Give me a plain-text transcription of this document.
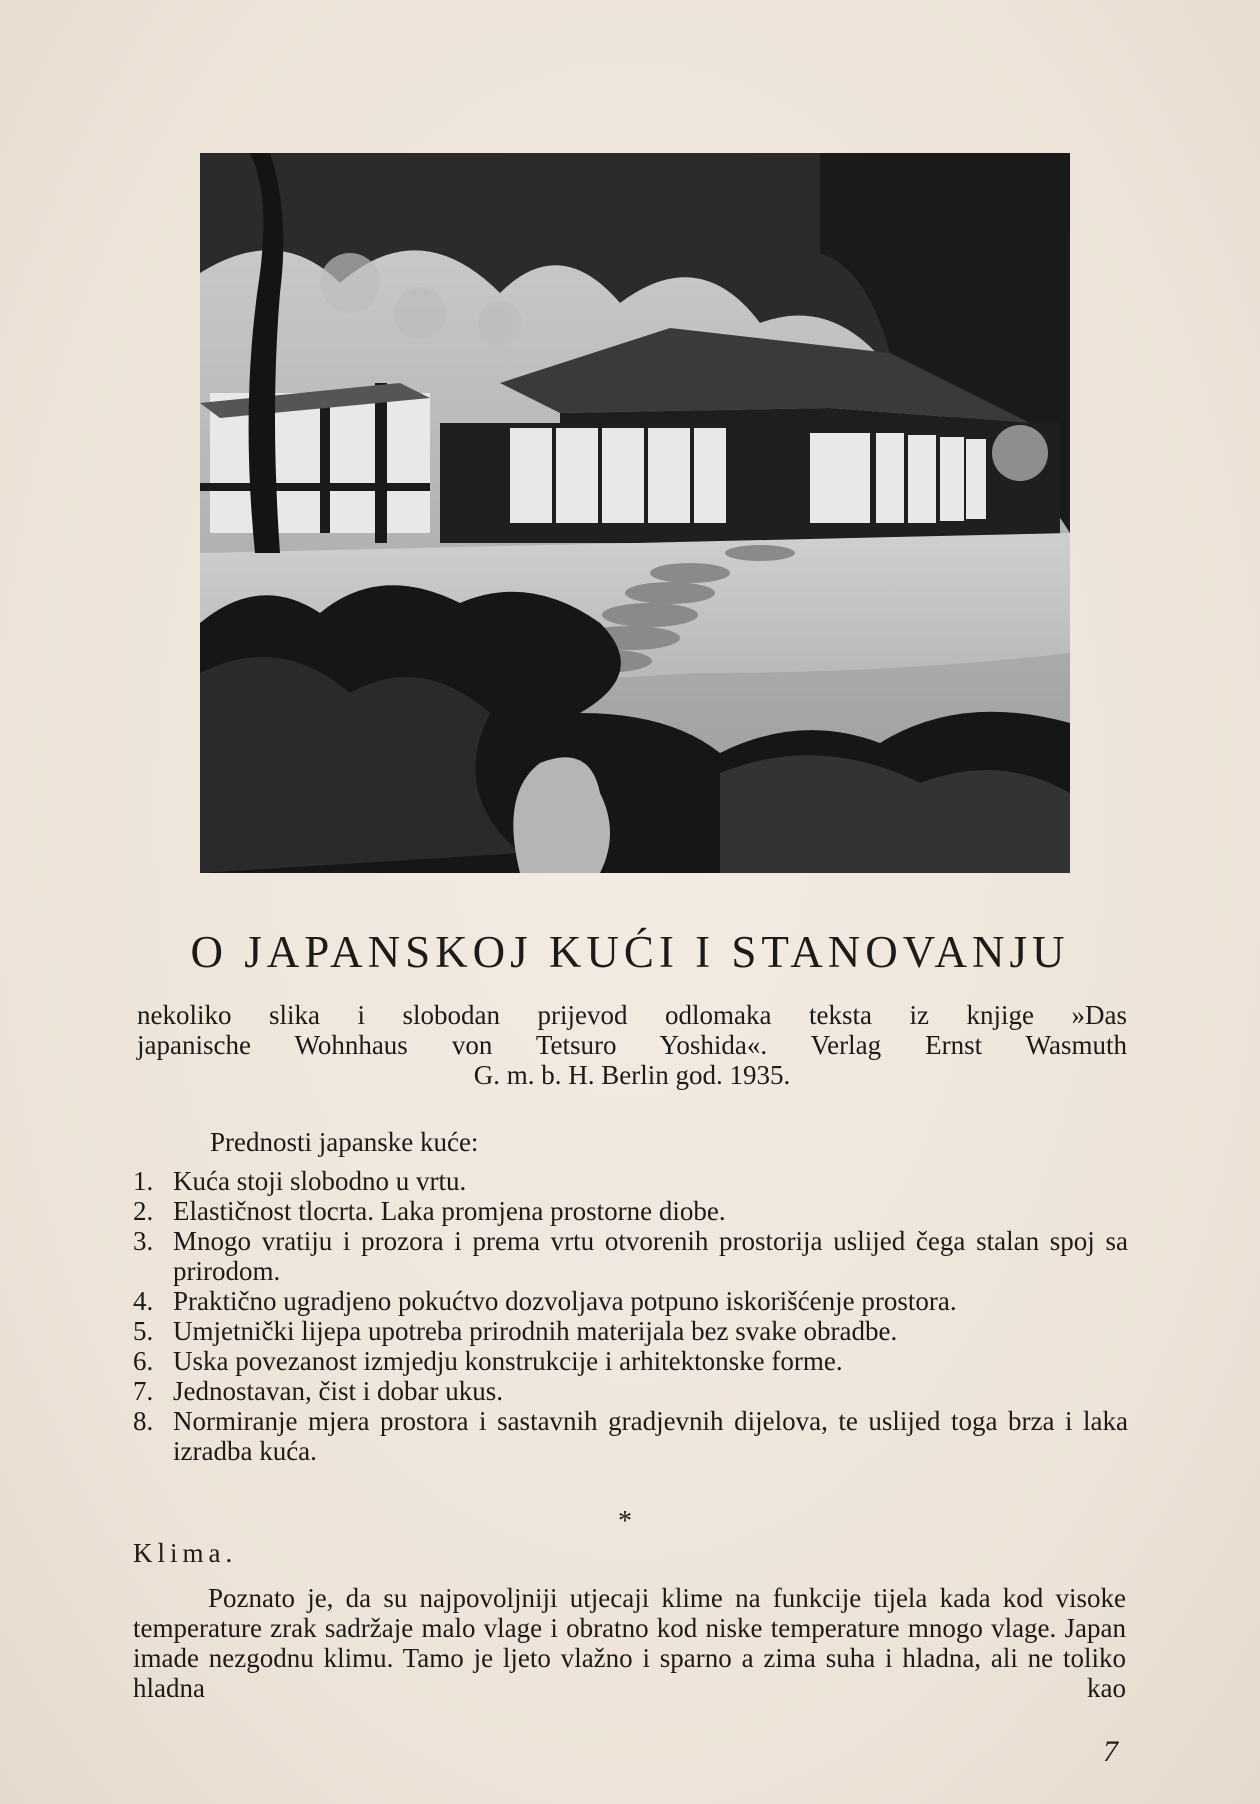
O JAPANSKOJ KUĆI I STANOVANJU
nekoliko slika i slobodan prijevod odlomaka teksta iz knjige »Das
japanische Wohnhaus von Tetsuro Yoshida«. Verlag Ernst Wasmuth
G. m. b. H. Berlin god. 1935.
Prednosti japanske kuće:
1. Kuća stoji slobodno u vrtu.
2. Elastičnost tlocrta. Laka promjena prostorne diobe.
3. Mnogo vratiju i prozora i prema vrtu otvorenih prostorija uslijed čega stalan spoj sa prirodom.
4. Praktično ugradjeno pokućtvo dozvoljava potpuno iskorišćenje prostora.
5. Umjetnički lijepa upotreba prirodnih materijala bez svake obradbe.
6. Uska povezanost izmjedju konstrukcije i arhitektonske forme.
7. Jednostavan, čist i dobar ukus.
8. Normiranje mjera prostora i sastavnih gradjevnih dijelova, te uslijed toga brza i laka izradba kuća.
*
Klima.

Poznato je, da su najpovoljniji utjecaji klime na funkcije tijela kada kod visoke temperature zrak sadržaje malo vlage i obratno kod niske temperature mnogo vlage. Japan imade nezgodnu klimu. Tamo je ljeto vlažno i sparno a zima suha i hladna, ali ne toliko hladna kao

7
